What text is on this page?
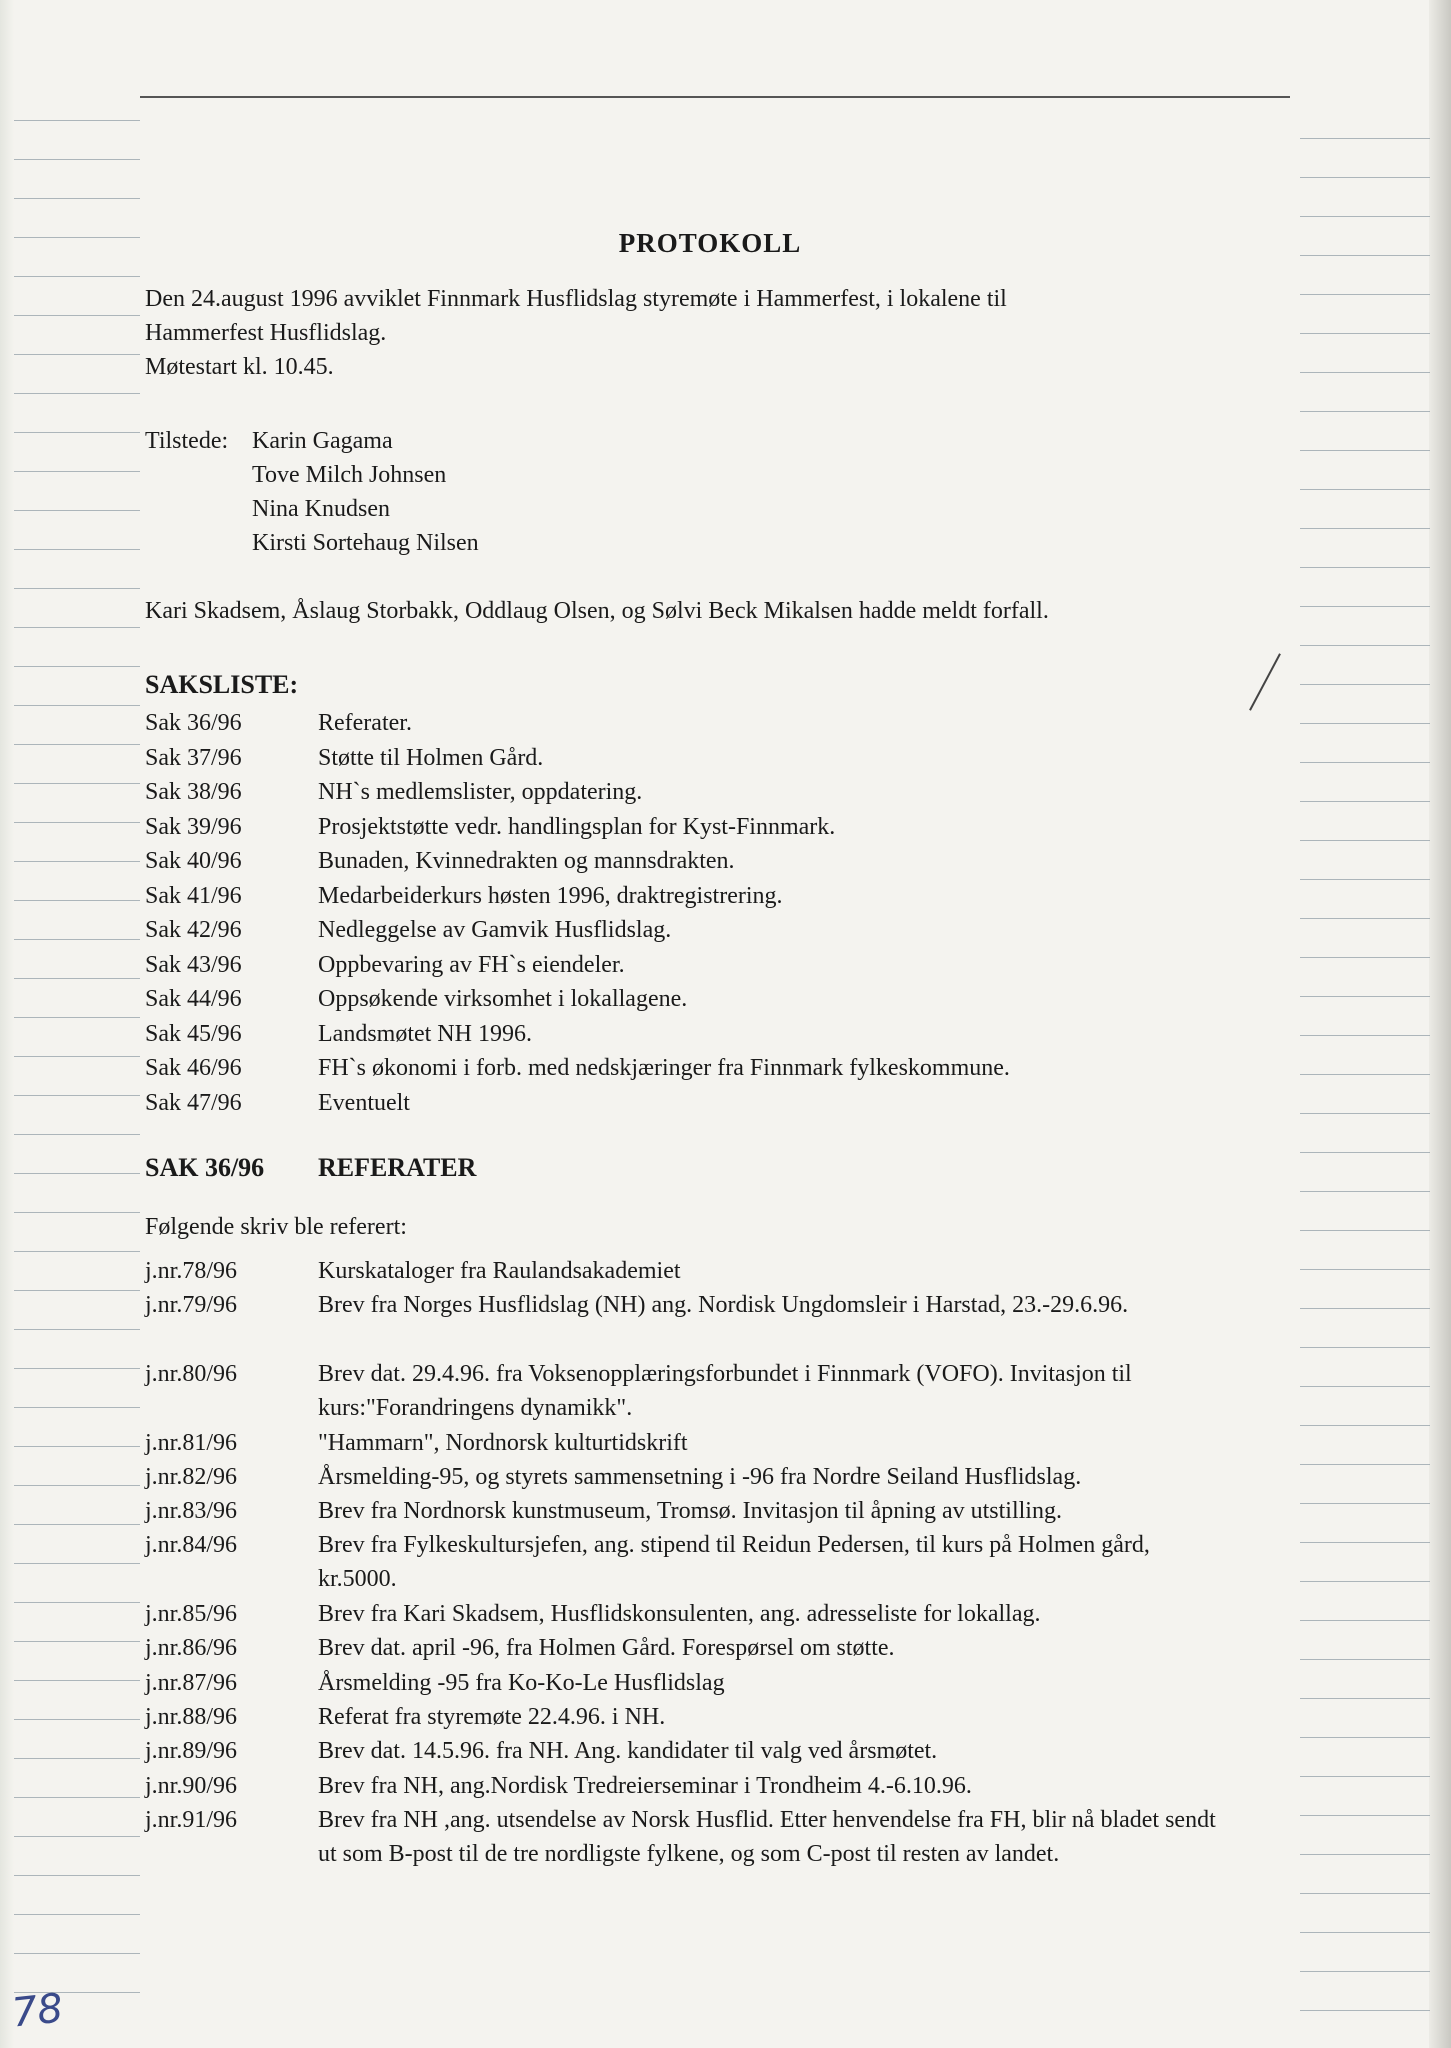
PROTOKOLL
Den 24.august 1996 avviklet Finnmark Husflidslag styremøte i Hammerfest, i lokalene til
Hammerfest Husflidslag.
Møtestart kl. 10.45.
Tilstede: Karin Gagama
Tove Milch Johnsen
Nina Knudsen
Kirsti Sortehaug Nilsen
Kari Skadsem, Åslaug Storbakk, Oddlaug Olsen, og Sølvi Beck Mikalsen hadde meldt forfall.
SAKSLISTE:
Sak 36/96	Referater.
Sak 37/96	Støtte til Holmen Gård.
Sak 38/96	NH`s medlemslister, oppdatering.
Sak 39/96	Prosjektstøtte vedr. handlingsplan for Kyst-Finnmark.
Sak 40/96	Bunaden, Kvinnedrakten og mannsdrakten.
Sak 41/96	Medarbeiderkurs høsten 1996, draktregistrering.
Sak 42/96	Nedleggelse av Gamvik Husflidslag.
Sak 43/96	Oppbevaring av FH`s eiendeler.
Sak 44/96	Oppsøkende virksomhet i lokallagene.
Sak 45/96	Landsmøtet NH 1996.
Sak 46/96	FH`s økonomi i forb. med nedskjæringer fra Finnmark fylkeskommune.
Sak 47/96	Eventuelt
SAK 36/96 REFERATER
Følgende skriv ble referert:
j.nr.78/96	Kurskataloger fra Raulandsakademiet
j.nr.79/96	Brev fra Norges Husflidslag (NH) ang. Nordisk Ungdomsleir i Harstad, 23.-29.6.96.
j.nr.80/96	Brev dat. 29.4.96. fra Voksenopplæringsforbundet i Finnmark (VOFO). Invitasjon til kurs:"Forandringens dynamikk".
j.nr.81/96	"Hammarn", Nordnorsk kulturtidskrift
j.nr.82/96	Årsmelding-95, og styrets sammensetning i -96 fra Nordre Seiland Husflidslag.
j.nr.83/96	Brev fra Nordnorsk kunstmuseum, Tromsø. Invitasjon til åpning av utstilling.
j.nr.84/96	Brev fra Fylkeskultursjefen, ang. stipend til Reidun Pedersen, til kurs på Holmen gård, kr.5000.
j.nr.85/96	Brev fra Kari Skadsem, Husflidskonsulenten, ang. adresseliste for lokallag.
j.nr.86/96	Brev dat. april -96, fra Holmen Gård. Forespørsel om støtte.
j.nr.87/96	Årsmelding -95 fra Ko-Ko-Le Husflidslag
j.nr.88/96	Referat fra styremøte 22.4.96. i NH.
j.nr.89/96	Brev dat. 14.5.96. fra NH. Ang. kandidater til valg ved årsmøtet.
j.nr.90/96	Brev fra NH, ang.Nordisk Tredreierseminar i Trondheim 4.-6.10.96.
j.nr.91/96	Brev fra NH ,ang. utsendelse av Norsk Husflid. Etter henvendelse fra FH, blir nå bladet sendt ut som B-post til de tre nordligste fylkene, og som C-post til resten av landet.
78
